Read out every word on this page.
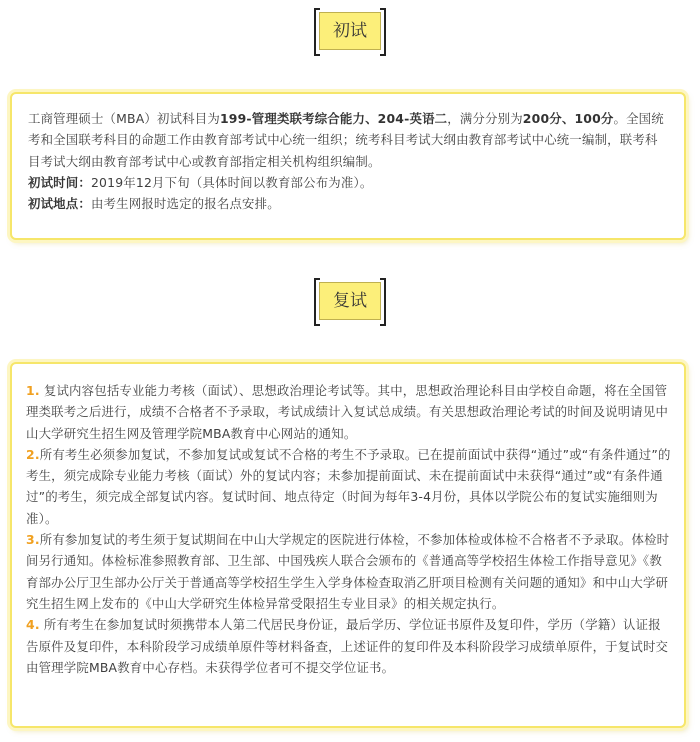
初试

工商管理硕士（MBA）初试科目为199-管理类联考综合能力、204-英语二，满分分别为200分、100分。全国统考和全国联考科目的命题工作由教育部考试中心统一组织；统考科目考试大纲由教育部考试中心统一编制，联考科目考试大纲由教育部考试中心或教育部指定相关机构组织编制。

初试时间：2019年12月下旬（具体时间以教育部公布为准）。

初试地点：由考生网报时选定的报名点安排。

复试

1. 复试内容包括专业能力考核（面试）、思想政治理论考试等。其中，思想政治理论科目由学校自命题，将在全国管理类联考之后进行，成绩不合格者不予录取，考试成绩计入复试总成绩。有关思想政治理论考试的时间及说明请见中山大学研究生招生网及管理学院MBA教育中心网站的通知。

2.所有考生必须参加复试，不参加复试或复试不合格的考生不予录取。已在提前面试中获得“通过”或“有条件通过”的考生，须完成除专业能力考核（面试）外的复试内容；未参加提前面试、未在提前面试中未获得“通过”或“有条件通过”的考生，须完成全部复试内容。复试时间、地点待定（时间为每年3-4月份，具体以学院公布的复试实施细则为准）。

3.所有参加复试的考生须于复试期间在中山大学规定的医院进行体检，不参加体检或体检不合格者不予录取。体检时间另行通知。体检标准参照教育部、卫生部、中国残疾人联合会颁布的《普通高等学校招生体检工作指导意见》《教育部办公厅卫生部办公厅关于普通高等学校招生学生入学身体检查取消乙肝项目检测有关问题的通知》和中山大学研究生招生网上发布的《中山大学研究生体检异常受限招生专业目录》的相关规定执行。

4. 所有考生在参加复试时须携带本人第二代居民身份证，最后学历、学位证书原件及复印件，学历（学籍）认证报告原件及复印件，本科阶段学习成绩单原件等材料备查，上述证件的复印件及本科阶段学习成绩单原件，于复试时交由管理学院MBA教育中心存档。未获得学位者可不提交学位证书。
